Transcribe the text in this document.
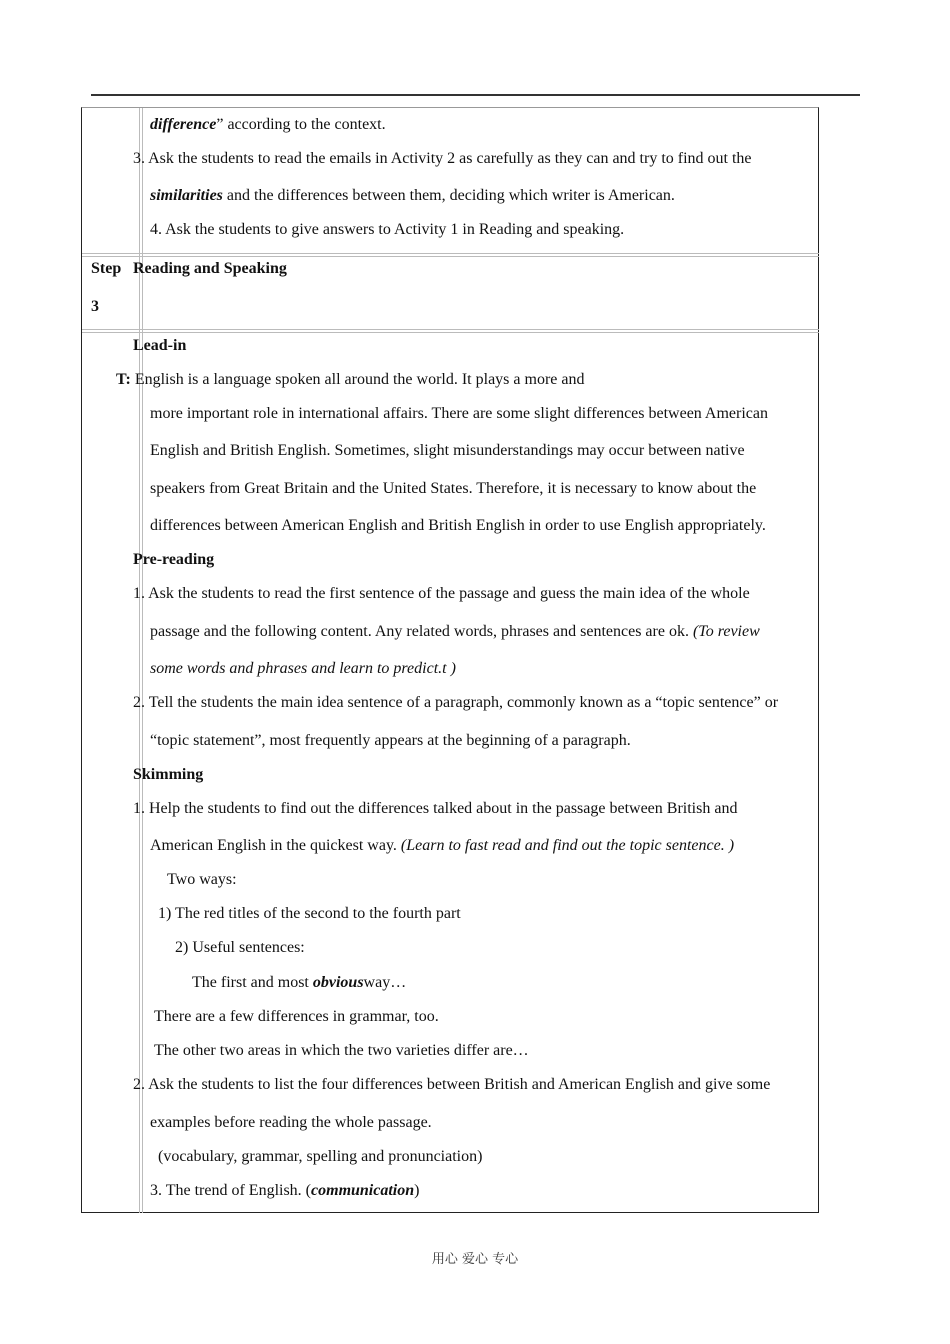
difference” according to the context.
3. Ask the students to read the emails in Activity 2 as carefully as they can and try to find out the
similarities and the differences between them, deciding which writer is American.
4. Ask the students to give answers to Activity 1 in Reading and speaking.
Step
3
Reading and Speaking
Lead-in
T: English is a language spoken all around the world. It plays a more and
more important role in international affairs. There are some slight differences between American
English and British English. Sometimes, slight misunderstandings may occur between native
speakers from Great Britain and the United States. Therefore, it is necessary to know about the
differences between American English and British English in order to use English appropriately.
Pre-reading
1. Ask the students to read the first sentence of the passage and guess the main idea of the whole
passage and the following content. Any related words, phrases and sentences are ok. (To review
some words and phrases and learn to predict.t )
2. Tell the students the main idea sentence of a paragraph, commonly known as a “topic sentence” or
“topic statement”, most frequently appears at the beginning of a paragraph.
Skimming
1. Help the students to find out the differences talked about in the passage between British and
American English in the quickest way. (Learn to fast read and find out the topic sentence. )
Two ways:
1) The red titles of the second to the fourth part
2) Useful sentences:
The first and most obviousway…
There are a few differences in grammar, too.
The other two areas in which the two varieties differ are…
2. Ask the students to list the four differences between British and American English and give some
examples before reading the whole passage.
(vocabulary, grammar, spelling and pronunciation)
3. The trend of English. (communication)
用心 爱心 专心
